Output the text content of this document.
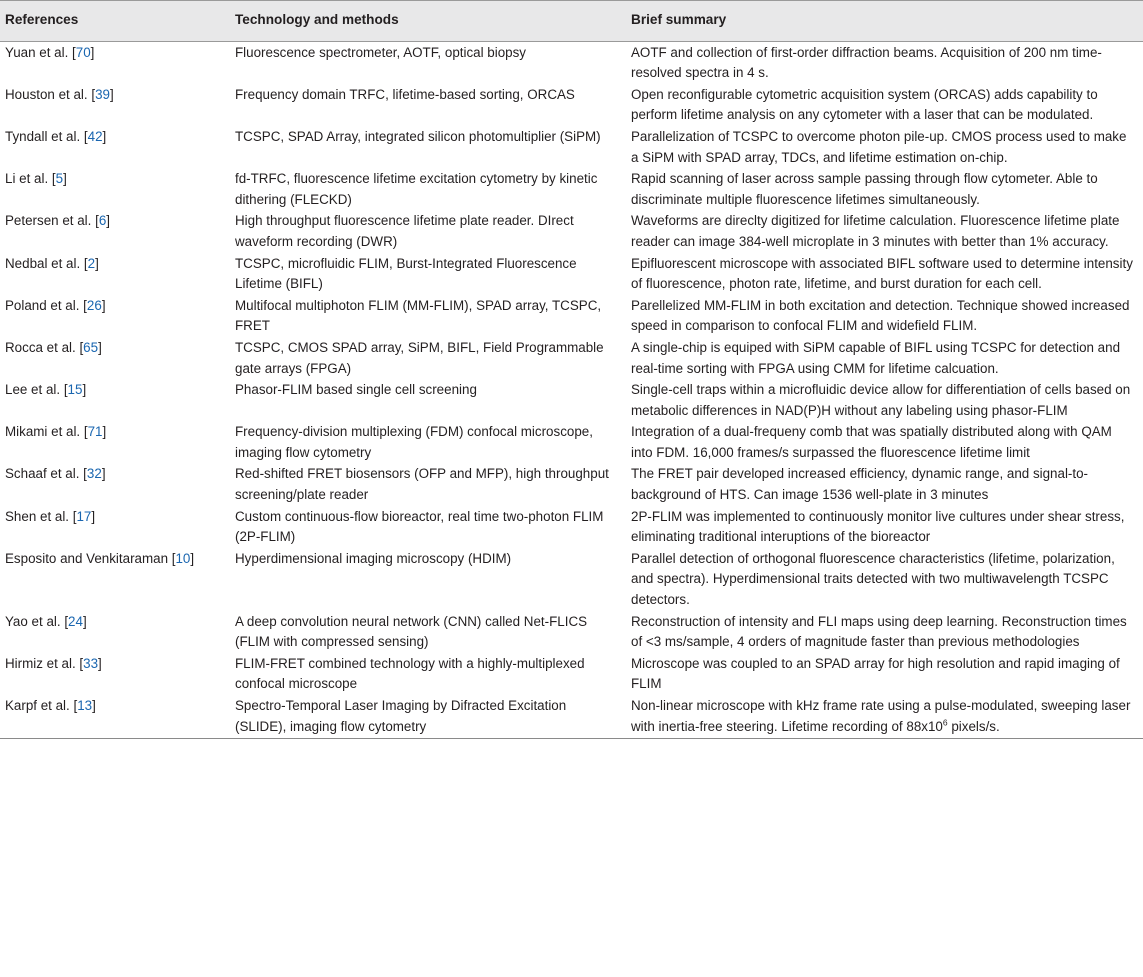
References	Technology and methods	Brief summary
Yuan et al. [70]	Fluorescence spectrometer, AOTF, optical biopsy	AOTF and collection of first-order diffraction beams. Acquisition of 200 nm time-resolved spectra in 4 s.
Houston et al. [39]	Frequency domain TRFC, lifetime-based sorting, ORCAS	Open reconfigurable cytometric acquisition system (ORCAS) adds capability to perform lifetime analysis on any cytometer with a laser that can be modulated.
Tyndall et al. [42]	TCSPC, SPAD Array, integrated silicon photomultiplier (SiPM)	Parallelization of TCSPC to overcome photon pile-up. CMOS process used to make a SiPM with SPAD array, TDCs, and lifetime estimation on-chip.
Li et al. [5]	fd-TRFC, fluorescence lifetime excitation cytometry by kinetic dithering (FLECKD)	Rapid scanning of laser across sample passing through flow cytometer. Able to discriminate multiple fluorescence lifetimes simultaneously.
Petersen et al. [6]	High throughput fluorescence lifetime plate reader. DIrect waveform recording (DWR)	Waveforms are direclty digitized for lifetime calculation. Fluorescence lifetime plate reader can image 384-well microplate in 3 minutes with better than 1% accuracy.
Nedbal et al. [2]	TCSPC, microfluidic FLIM, Burst-Integrated Fluorescence Lifetime (BIFL)	Epifluorescent microscope with associated BIFL software used to determine intensity of fluorescence, photon rate, lifetime, and burst duration for each cell.
Poland et al. [26]	Multifocal multiphoton FLIM (MM-FLIM), SPAD array, TCSPC, FRET	Parellelized MM-FLIM in both excitation and detection. Technique showed increased speed in comparison to confocal FLIM and widefield FLIM.
Rocca et al. [65]	TCSPC, CMOS SPAD array, SiPM, BIFL, Field Programmable gate arrays (FPGA)	A single-chip is equiped with SiPM capable of BIFL using TCSPC for detection and real-time sorting with FPGA using CMM for lifetime calcuation.
Lee et al. [15]	Phasor-FLIM based single cell screening	Single-cell traps within a microfluidic device allow for differentiation of cells based on metabolic differences in NAD(P)H without any labeling using phasor-FLIM
Mikami et al. [71]	Frequency-division multiplexing (FDM) confocal microscope, imaging flow cytometry	Integration of a dual-frequeny comb that was spatially distributed along with QAM into FDM. 16,000 frames/s surpassed the fluorescence lifetime limit
Schaaf et al. [32]	Red-shifted FRET biosensors (OFP and MFP), high throughput screening/plate reader	The FRET pair developed increased efficiency, dynamic range, and signal-to-background of HTS. Can image 1536 well-plate in 3 minutes
Shen et al. [17]	Custom continuous-flow bioreactor, real time two-photon FLIM (2P-FLIM)	2P-FLIM was implemented to continuously monitor live cultures under shear stress, eliminating traditional interuptions of the bioreactor
Esposito and Venkitaraman [10]	Hyperdimensional imaging microscopy (HDIM)	Parallel detection of orthogonal fluorescence characteristics (lifetime, polarization, and spectra). Hyperdimensional traits detected with two multiwavelength TCSPC detectors.
Yao et al. [24]	A deep convolution neural network (CNN) called Net-FLICS (FLIM with compressed sensing)	Reconstruction of intensity and FLI maps using deep learning. Reconstruction times of <3 ms/sample, 4 orders of magnitude faster than previous methodologies
Hirmiz et al. [33]	FLIM-FRET combined technology with a highly-multiplexed confocal microscope	Microscope was coupled to an SPAD array for high resolution and rapid imaging of FLIM
Karpf et al. [13]	Spectro-Temporal Laser Imaging by Difracted Excitation (SLIDE), imaging flow cytometry	Non-linear microscope with kHz frame rate using a pulse-modulated, sweeping laser with inertia-free steering. Lifetime recording of $88x10^6$ pixels/s.
